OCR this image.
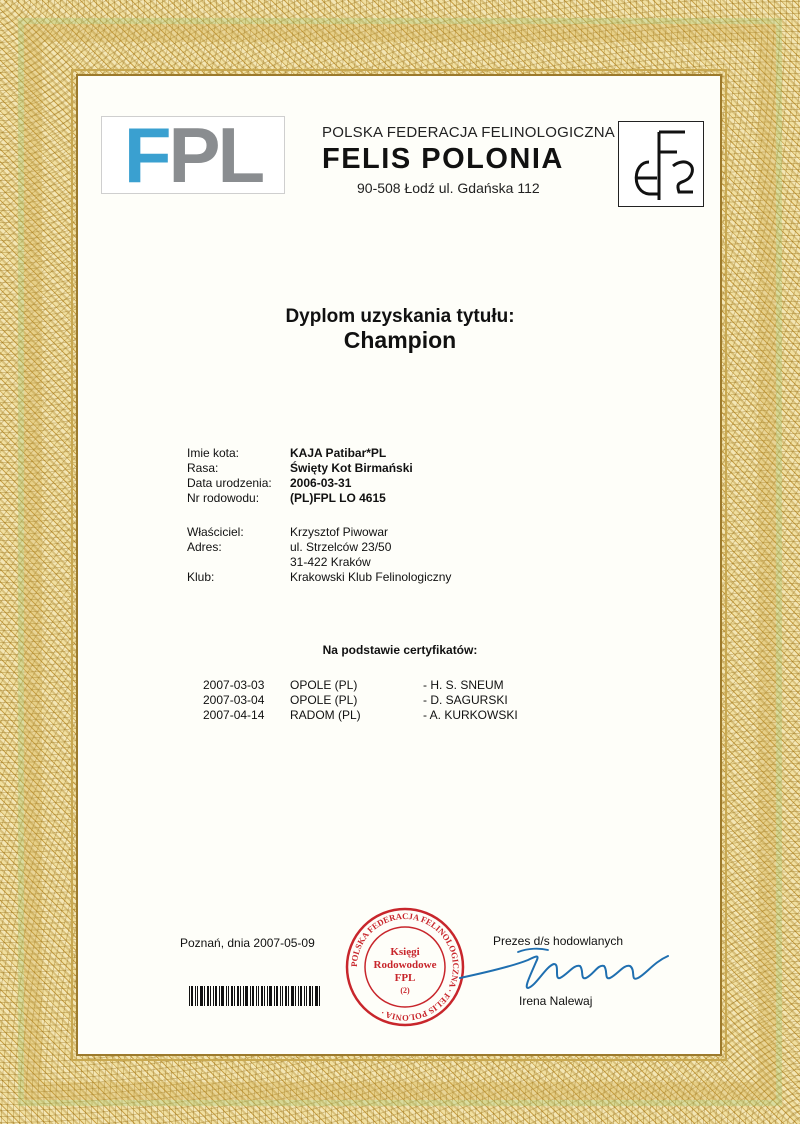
F P L	POLSKA FEDERACJA FELINOLOGICZNA
FELIS POLONIA
90-508 Łodź ul. Gdańska 112
Dyplom uzyskania tytułu:
Champion
Imie kota:	KAJA Patibar*PL
Rasa:	Święty Kot Birmański
Data urodzenia: 2006-03-31
Nr rodowodu:	(PL)FPL LO 4615
Właściciel:	Krzysztof Piwowar
Adres:	ul. Strzelców 23/50
31-422 Kraków
Klub:	Krakowski Klub Felinologiczny
Na podstawie certyfikatów:
2007-03-03 OPOLE (PL)	- H. S. SNEUM
2007-03-04 OPOLE (PL)	- D. SAGURSKI
2007-04-14 RADOM (PL)	- A. KURKOWSKI
Poznań, dnia 2007-05-09	Prezes d/s hodowlanych
Irena Nalewaj
POLSKA FEDERACJA FELINOLOGICZNA · FELIS POLONIA ·
Księgi
Rodowodowe
FPL
(2)
